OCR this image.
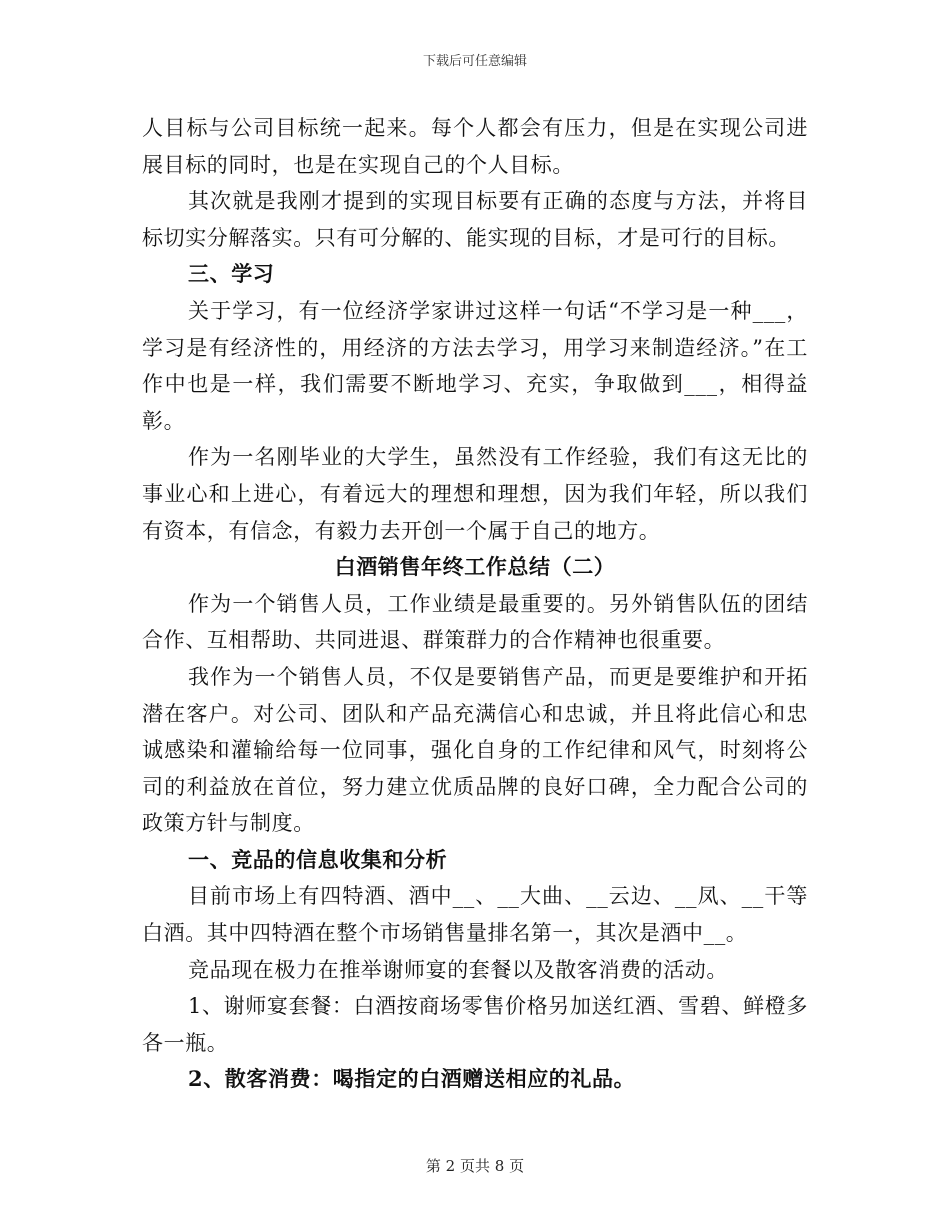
下载后可任意编辑

人目标与公司目标统一起来。每个人都会有压力，但是在实现公司进展目标的同时，也是在实现自己的个人目标。

其次就是我刚才提到的实现目标要有正确的态度与方法，并将目标切实分解落实。只有可分解的、能实现的目标，才是可行的目标。

三、学习

关于学习，有一位经济学家讲过这样一句话“不学习是一种___，学习是有经济性的，用经济的方法去学习，用学习来制造经济。”在工作中也是一样，我们需要不断地学习、充实，争取做到___，相得益彰。

作为一名刚毕业的大学生，虽然没有工作经验，我们有这无比的事业心和上进心，有着远大的理想和理想，因为我们年轻，所以我们有资本，有信念，有毅力去开创一个属于自己的地方。

白酒销售年终工作总结（二）

作为一个销售人员，工作业绩是最重要的。另外销售队伍的团结合作、互相帮助、共同进退、群策群力的合作精神也很重要。

我作为一个销售人员，不仅是要销售产品，而更是要维护和开拓潜在客户。对公司、团队和产品充满信心和忠诚，并且将此信心和忠诚感染和灌输给每一位同事，强化自身的工作纪律和风气，时刻将公司的利益放在首位，努力建立优质品牌的良好口碑，全力配合公司的政策方针与制度。

一、竞品的信息收集和分析

目前市场上有四特酒、酒中__、__大曲、__云边、__凤、__干等白酒。其中四特酒在整个市场销售量排名第一，其次是酒中__。

竞品现在极力在推举谢师宴的套餐以及散客消费的活动。

1、谢师宴套餐：白酒按商场零售价格另加送红酒、雪碧、鲜橙多各一瓶。

2、散客消费：喝指定的白酒赠送相应的礼品。

第 2 页共 8 页
